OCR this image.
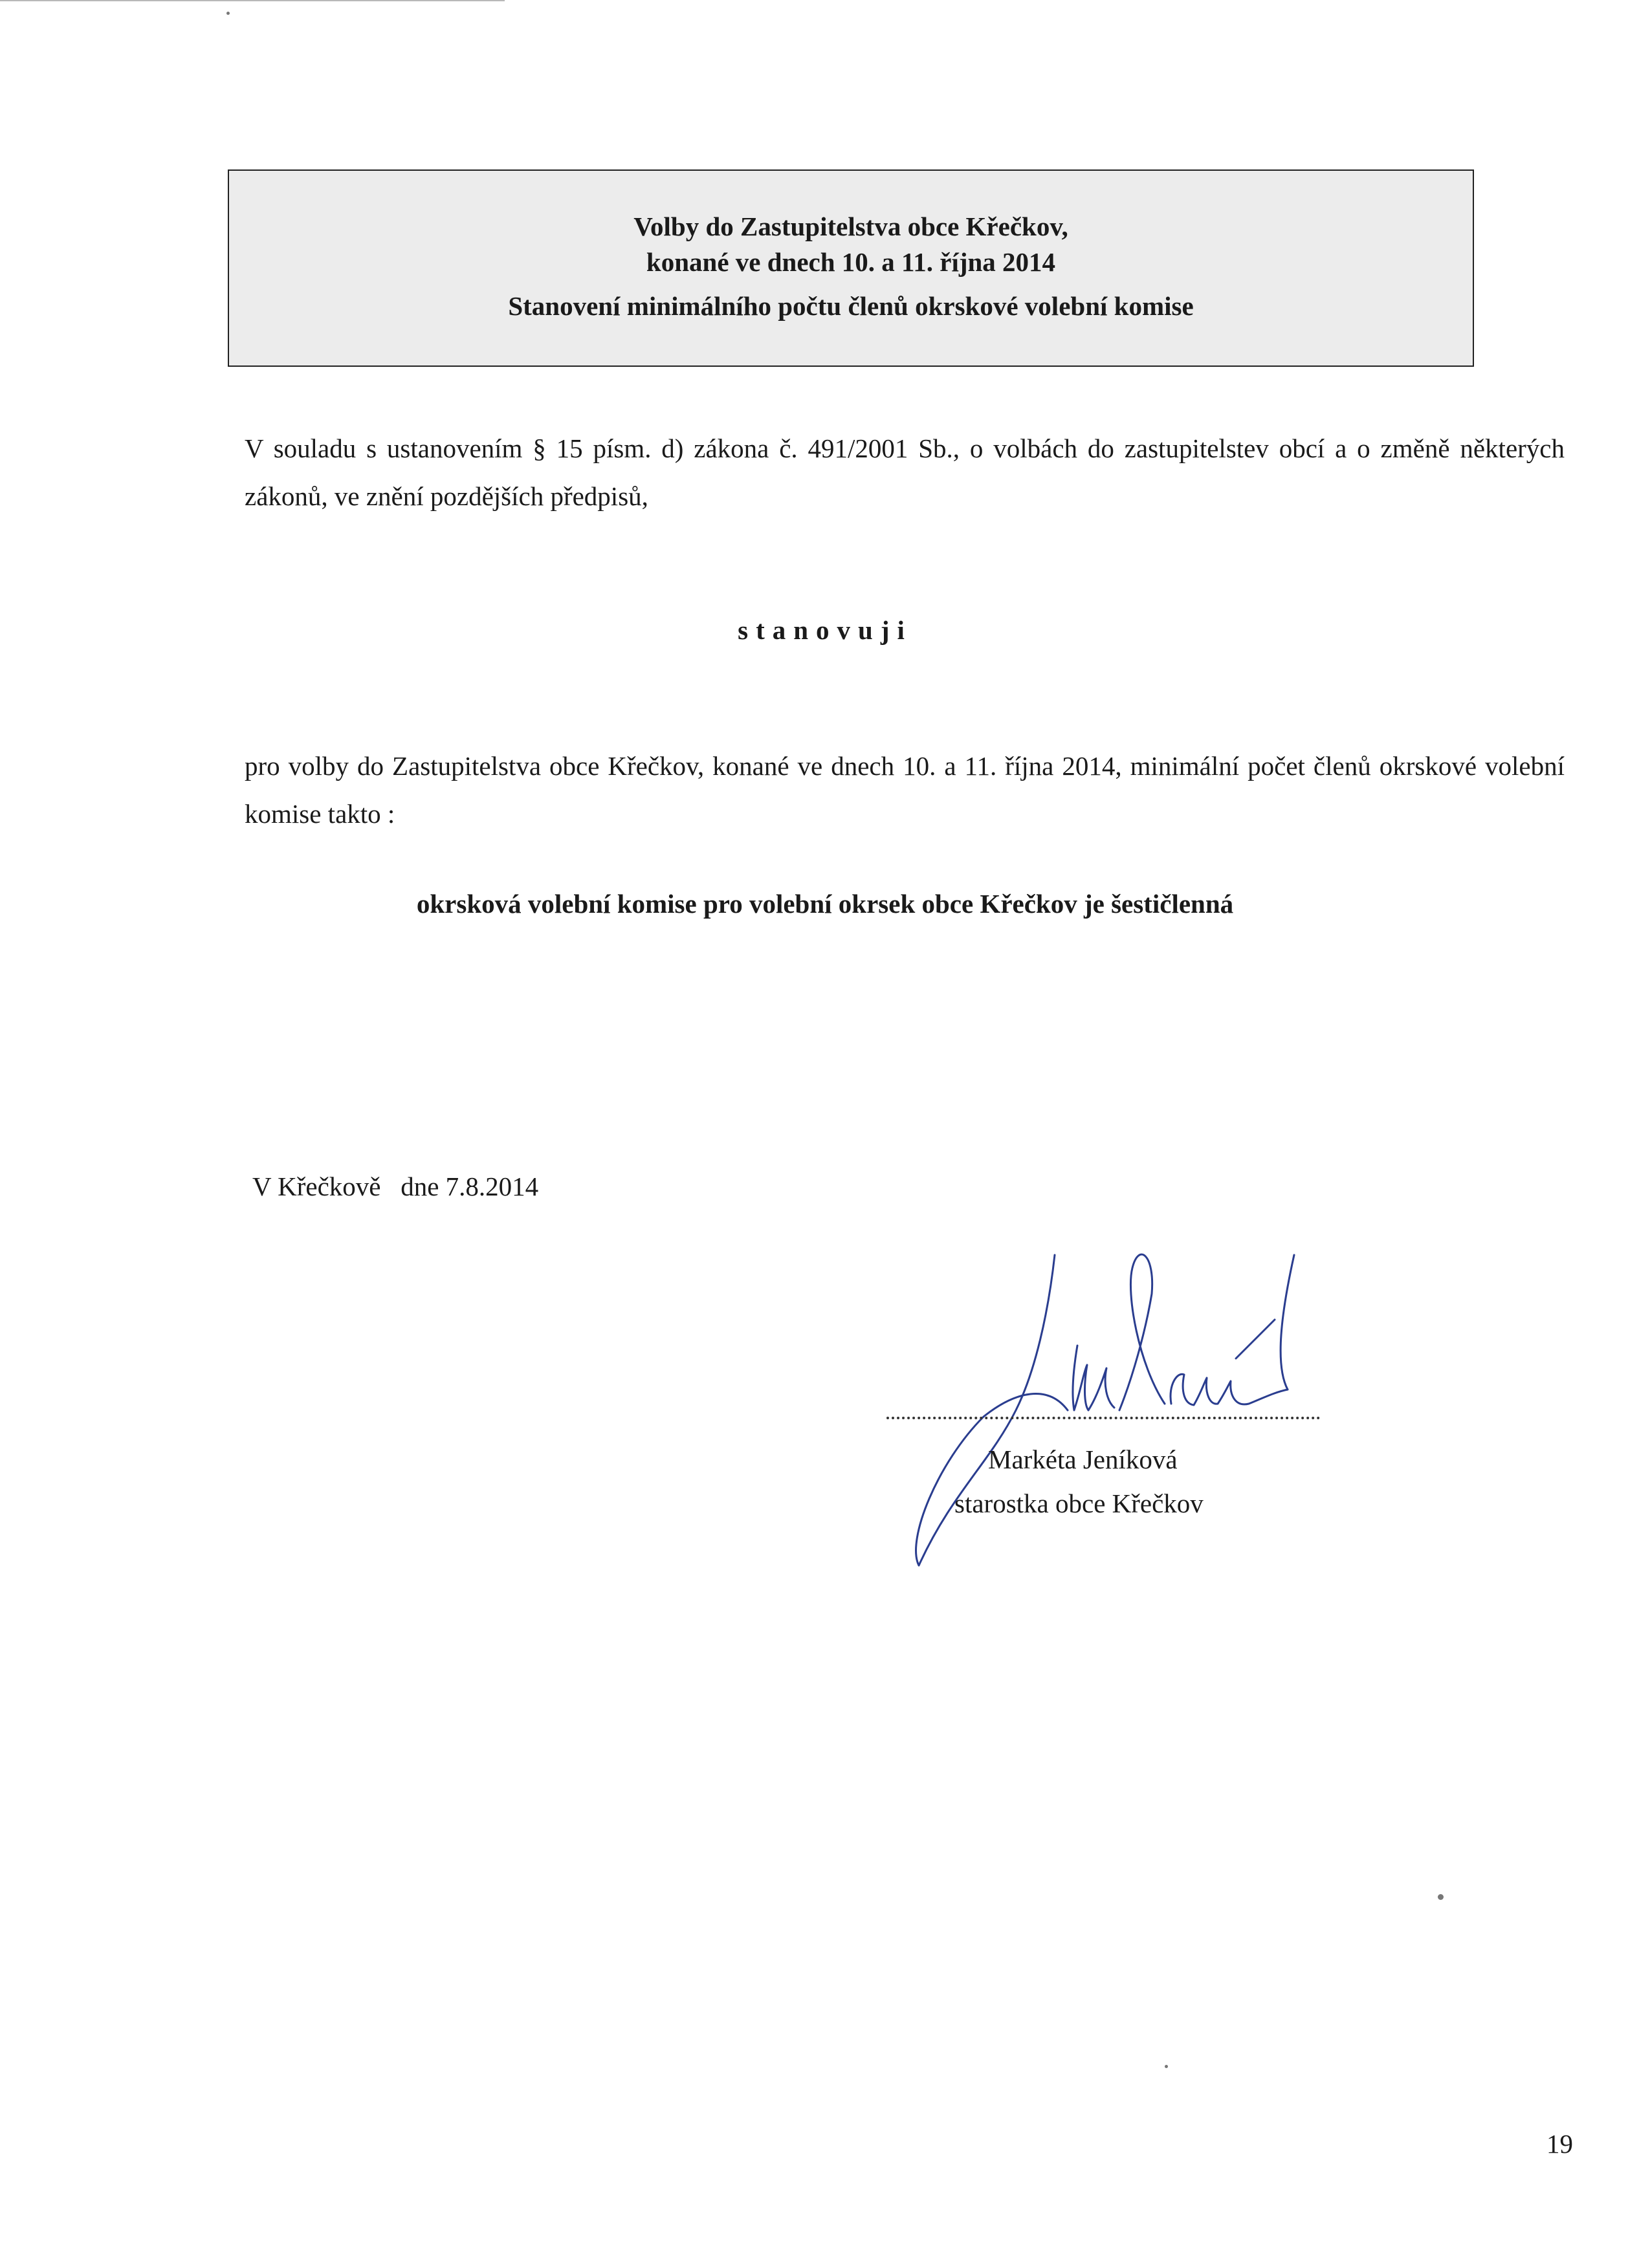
Volby do Zastupitelstva obce Křečkov,
konané ve dnech 10. a 11. října 2014
Stanovení minimálního počtu členů okrskové volební komise
V souladu s ustanovením § 15 písm. d) zákona č. 491/2001 Sb., o volbách do zastupitelstev obcí a o změně některých zákonů, ve znění pozdějších předpisů,
stanovuji
pro volby do Zastupitelstva obce Křečkov, konané ve dnech 10. a 11. října 2014, minimální počet členů okrskové volební komise takto :
okrsková volební komise pro volební okrsek obce Křečkov je šestičlenná
V Křečkově   dne 7.8.2014
Markéta Jeníková
starostka obce Křečkov
19
